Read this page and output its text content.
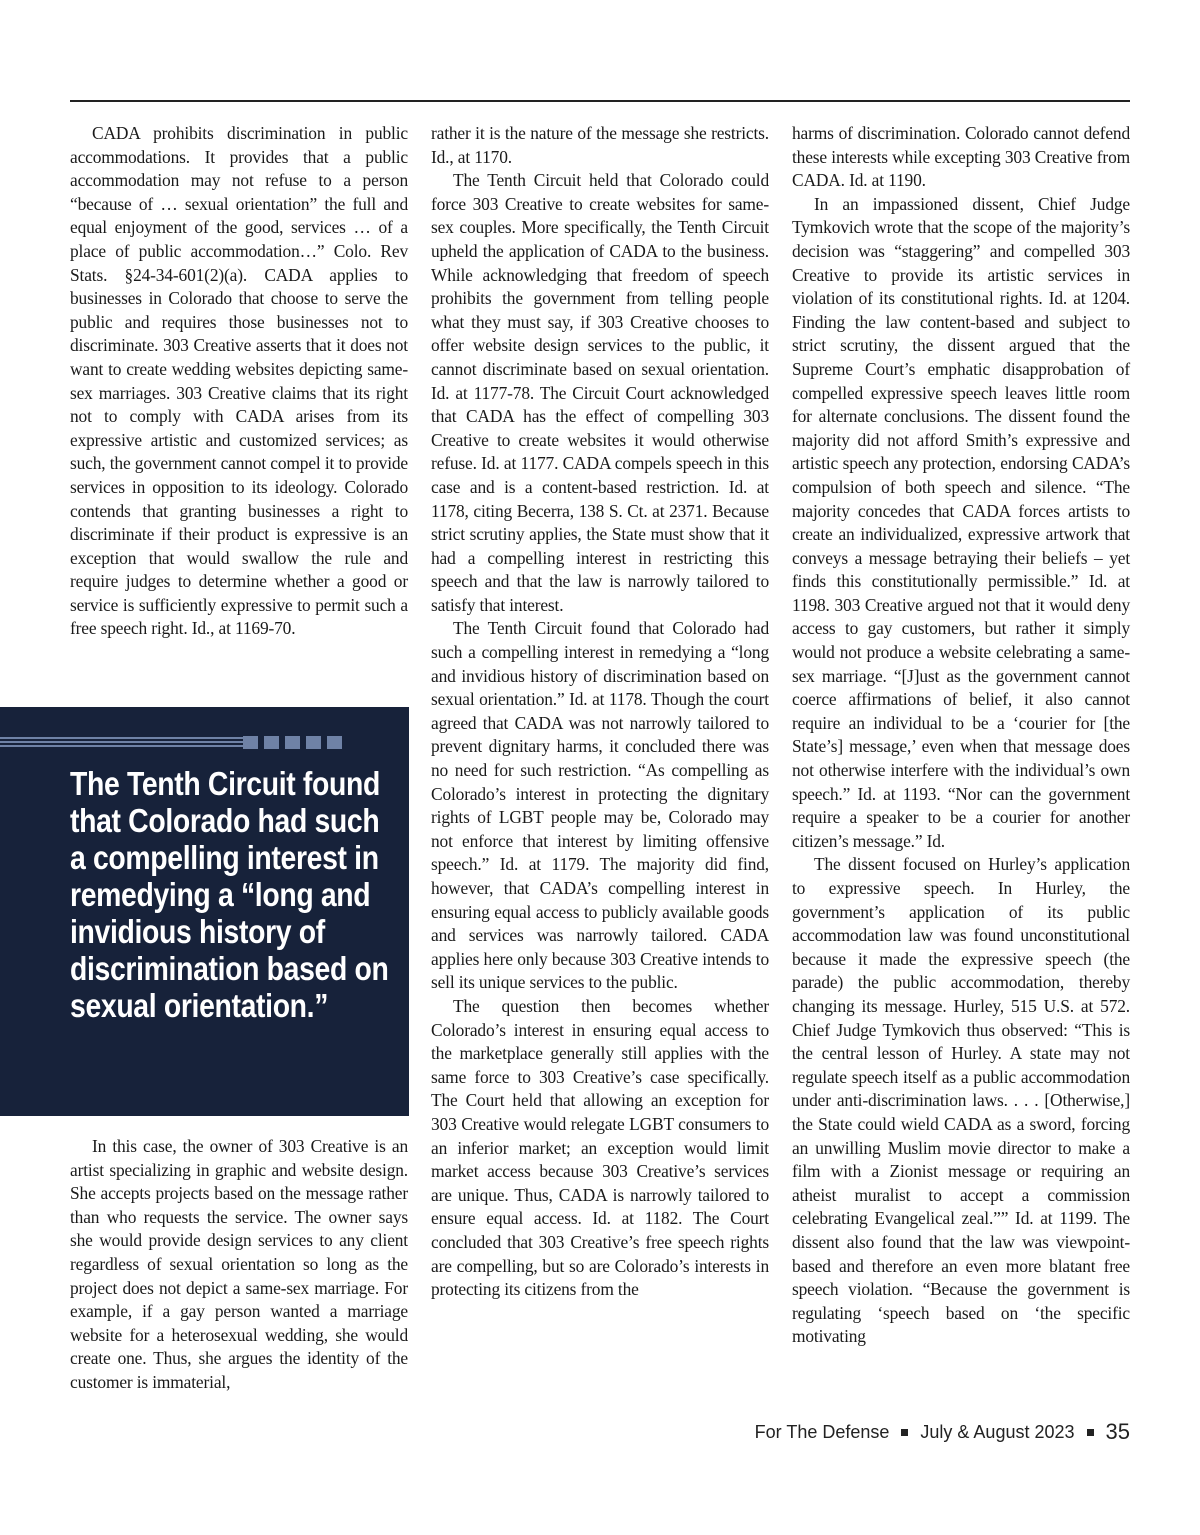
CADA prohibits discrimination in public accommodations. It provides that a public accommodation may not refuse to a person “because of … sexual orientation” the full and equal enjoyment of the good, services … of a place of public accommodation…” Colo. Rev Stats. §24-34-601(2)(a). CADA applies to businesses in Colorado that choose to serve the public and requires those businesses not to discriminate. 303 Creative asserts that it does not want to create wedding websites depicting same-sex marriages. 303 Creative claims that its right not to comply with CADA arises from its expressive artistic and customized services; as such, the government cannot compel it to provide services in opposition to its ideology. Colorado contends that granting businesses a right to discriminate if their product is expressive is an exception that would swallow the rule and require judges to determine whether a good or service is sufficiently expressive to permit such a free speech right. Id., at 1169-70.

The Tenth Circuit found that Colorado had such a compelling interest in remedying a “long and invidious history of discrimination based on sexual orientation.”

In this case, the owner of 303 Creative is an artist specializing in graphic and website design. She accepts projects based on the message rather than who requests the service. The owner says she would provide design services to any client regardless of sexual orientation so long as the project does not depict a same-sex marriage. For example, if a gay person wanted a marriage website for a heterosexual wedding, she would create one. Thus, she argues the identity of the customer is immaterial,

rather it is the nature of the message she restricts. Id., at 1170.

The Tenth Circuit held that Colorado could force 303 Creative to create websites for same-sex couples. More specifically, the Tenth Circuit upheld the application of CADA to the business. While acknowledging that freedom of speech prohibits the government from telling people what they must say, if 303 Creative chooses to offer website design services to the public, it cannot discriminate based on sexual orientation. Id. at 1177-78. The Circuit Court acknowledged that CADA has the effect of compelling 303 Creative to create websites it would otherwise refuse. Id. at 1177. CADA compels speech in this case and is a content-based restriction. Id. at 1178, citing Becerra, 138 S. Ct. at 2371. Because strict scrutiny applies, the State must show that it had a compelling interest in restricting this speech and that the law is narrowly tailored to satisfy that interest.

The Tenth Circuit found that Colorado had such a compelling interest in remedying a “long and invidious history of discrimination based on sexual orientation.” Id. at 1178. Though the court agreed that CADA was not narrowly tailored to prevent dignitary harms, it concluded there was no need for such restriction. “As compelling as Colorado’s interest in protecting the dignitary rights of LGBT people may be, Colorado may not enforce that interest by limiting offensive speech.” Id. at 1179. The majority did find, however, that CADA’s compelling interest in ensuring equal access to publicly available goods and services was narrowly tailored. CADA applies here only because 303 Creative intends to sell its unique services to the public.

The question then becomes whether Colorado’s interest in ensuring equal access to the marketplace generally still applies with the same force to 303 Creative’s case specifically. The Court held that allowing an exception for 303 Creative would relegate LGBT consumers to an inferior market; an exception would limit market access because 303 Creative’s services are unique. Thus, CADA is narrowly tailored to ensure equal access. Id. at 1182. The Court concluded that 303 Creative’s free speech rights are compelling, but so are Colorado’s interests in protecting its citizens from the

harms of discrimination. Colorado cannot defend these interests while excepting 303 Creative from CADA. Id. at 1190.

In an impassioned dissent, Chief Judge Tymkovich wrote that the scope of the majority’s decision was “staggering” and compelled 303 Creative to provide its artistic services in violation of its constitutional rights. Id. at 1204. Finding the law content-based and subject to strict scrutiny, the dissent argued that the Supreme Court’s emphatic disapprobation of compelled expressive speech leaves little room for alternate conclusions. The dissent found the majority did not afford Smith’s expressive and artistic speech any protection, endorsing CADA’s compulsion of both speech and silence. “The majority concedes that CADA forces artists to create an individualized, expressive artwork that conveys a message betraying their beliefs – yet finds this constitutionally permissible.” Id. at 1198. 303 Creative argued not that it would deny access to gay customers, but rather it simply would not produce a website celebrating a same-sex marriage. “[J]ust as the government cannot coerce affirmations of belief, it also cannot require an individual to be a ‘courier for [the State’s] message,’ even when that message does not otherwise interfere with the individual’s own speech.” Id. at 1193. “Nor can the government require a speaker to be a courier for another citizen’s message.” Id.

The dissent focused on Hurley’s application to expressive speech. In Hurley, the government’s application of its public accommodation law was found unconstitutional because it made the expressive speech (the parade) the public accommodation, thereby changing its message. Hurley, 515 U.S. at 572. Chief Judge Tymkovich thus observed: “This is the central lesson of Hurley. A state may not regulate speech itself as a public accommodation under anti-discrimination laws. . . . [Otherwise,] the State could wield CADA as a sword, forcing an unwilling Muslim movie director to make a film with a Zionist message or requiring an atheist muralist to accept a commission celebrating Evangelical zeal.”” Id. at 1199. The dissent also found that the law was viewpoint-based and therefore an even more blatant free speech violation. “Because the government is regulating ‘speech based on ‘the specific motivating

For The Defense July & August 2023 35
